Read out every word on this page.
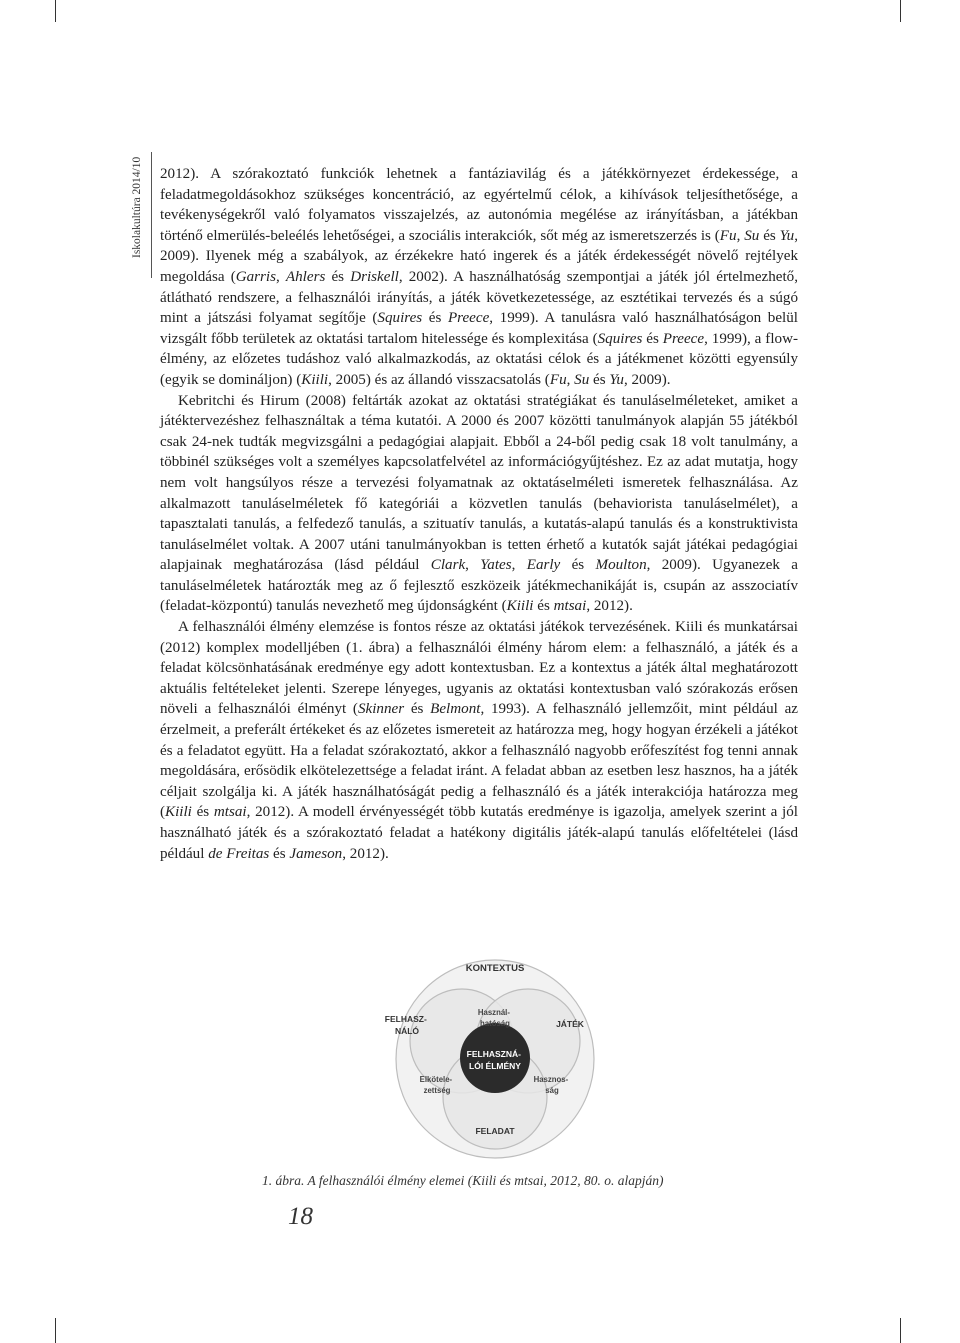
Iskolakultúra 2014/10 2012). A szórakoztató funkciók lehetnek a fantáziavilág és a játékkörnyezet érdekessége, a feladatmegoldásokhoz szükséges koncentráció, az egyértelmű célok, a kihívások teljesíthetősége, a tevékenységekről való folyamatos visszajelzés, az autonómia megélése az irányításban, a játékban történő elmerülés-beleélés lehetőségei, a szociális interakciók, sőt még az ismeretszerzés is (Fu, Su és Yu, 2009). Ilyenek még a szabályok, az érzékekre ható ingerek és a játék érdekességét növelő rejtélyek megoldása (Garris, Ahlers és Driskell, 2002). A használhatóság szempontjai a játék jól értelmezhető, átlátható rendszere, a felhasználói irányítás, a játék következetessége, az esztétikai tervezés és a súgó mint a játszási folyamat segítője (Squires és Preece, 1999). A tanulásra való használhatóságon belül vizsgált főbb területek az oktatási tartalom hitelessége és komplexitása (Squires és Preece, 1999), a flow-élmény, az előzetes tudáshoz való alkalmazkodás, az oktatási célok és a játékmenet közötti egyensúly (egyik se domináljon) (Kiili, 2005) és az állandó visszacsatolás (Fu, Su és Yu, 2009).

Kebritchi és Hirum (2008) feltárták azokat az oktatási stratégiákat és tanuláselméleteket, amiket a játéktervezéshez felhasználtak a téma kutatói. A 2000 és 2007 közötti tanulmányok alapján 55 játékból csak 24-nek tudták megvizsgálni a pedagógiai alapjait. Ebből a 24-ből pedig csak 18 volt tanulmány, a többinél szükséges volt a személyes kapcsolatfelvétel az információgyűjtéshez. Ez az adat mutatja, hogy nem volt hangsúlyos része a tervezési folyamatnak az oktatáselméleti ismeretek felhasználása. Az alkalmazott tanuláselméletek fő kategóriái a közvetlen tanulás (behaviorista tanuláselmélet), a tapasztalati tanulás, a felfedező tanulás, a szituatív tanulás, a kutatás-alapú tanulás és a konstruktivista tanuláselmélet voltak. A 2007 utáni tanulmányokban is tetten érhető a kutatók saját játékai pedagógiai alapjainak meghatározása (lásd például Clark, Yates, Early és Moulton, 2009). Ugyanezek a tanuláselméletek határozták meg az ő fejlesztő eszközeik játékmechanikáját is, csupán az asszociatív (feladat-központú) tanulás nevezhető meg újdonságként (Kiili és mtsai, 2012).

A felhasználói élmény elemzése is fontos része az oktatási játékok tervezésének. Kiili és munkatársai (2012) komplex modelljében (1. ábra) a felhasználói élmény három elem: a felhasználó, a játék és a feladat kölcsönhatásának eredménye egy adott kontextusban. Ez a kontextus a játék által meghatározott aktuális feltételeket jelenti. Szerepe lényeges, ugyanis az oktatási kontextusban való szórakozás erősen növeli a felhasználói élményt (Skinner és Belmont, 1993). A felhasználó jellemzőit, mint például az érzelmeit, a preferált értékeket és az előzetes ismereteit az határozza meg, hogy hogyan érzékeli a játékot és a feladatot együtt. Ha a feladat szórakoztató, akkor a felhasználó nagyobb erőfeszítést fog tenni annak megoldására, erősödik elkötelezettsége a feladat iránt. A feladat abban az esetben lesz hasznos, ha a játék céljait szolgálja ki. A játék használhatóságát pedig a felhasználó és a játék interakciója határozza meg (Kiili és mtsai, 2012). A modell érvényességét több kutatás eredménye is igazolja, amelyek szerint a jól használható játék és a szórakoztató feladat a hatékony digitális játék-alapú tanulás előfeltételei (lásd például de Freitas és Jameson, 2012).

KONTEXTUS
FELHASZ- NÁLÓ
JÁTÉK
FELADAT
Használ- hatóság
Elkötele- zettség
Hasznos- ság
FELHASZNÁ- LÓI ÉLMÉNY
1. ábra. A felhasználói élmény elemei (Kiili és mtsai, 2012, 80. o. alapján)
18
